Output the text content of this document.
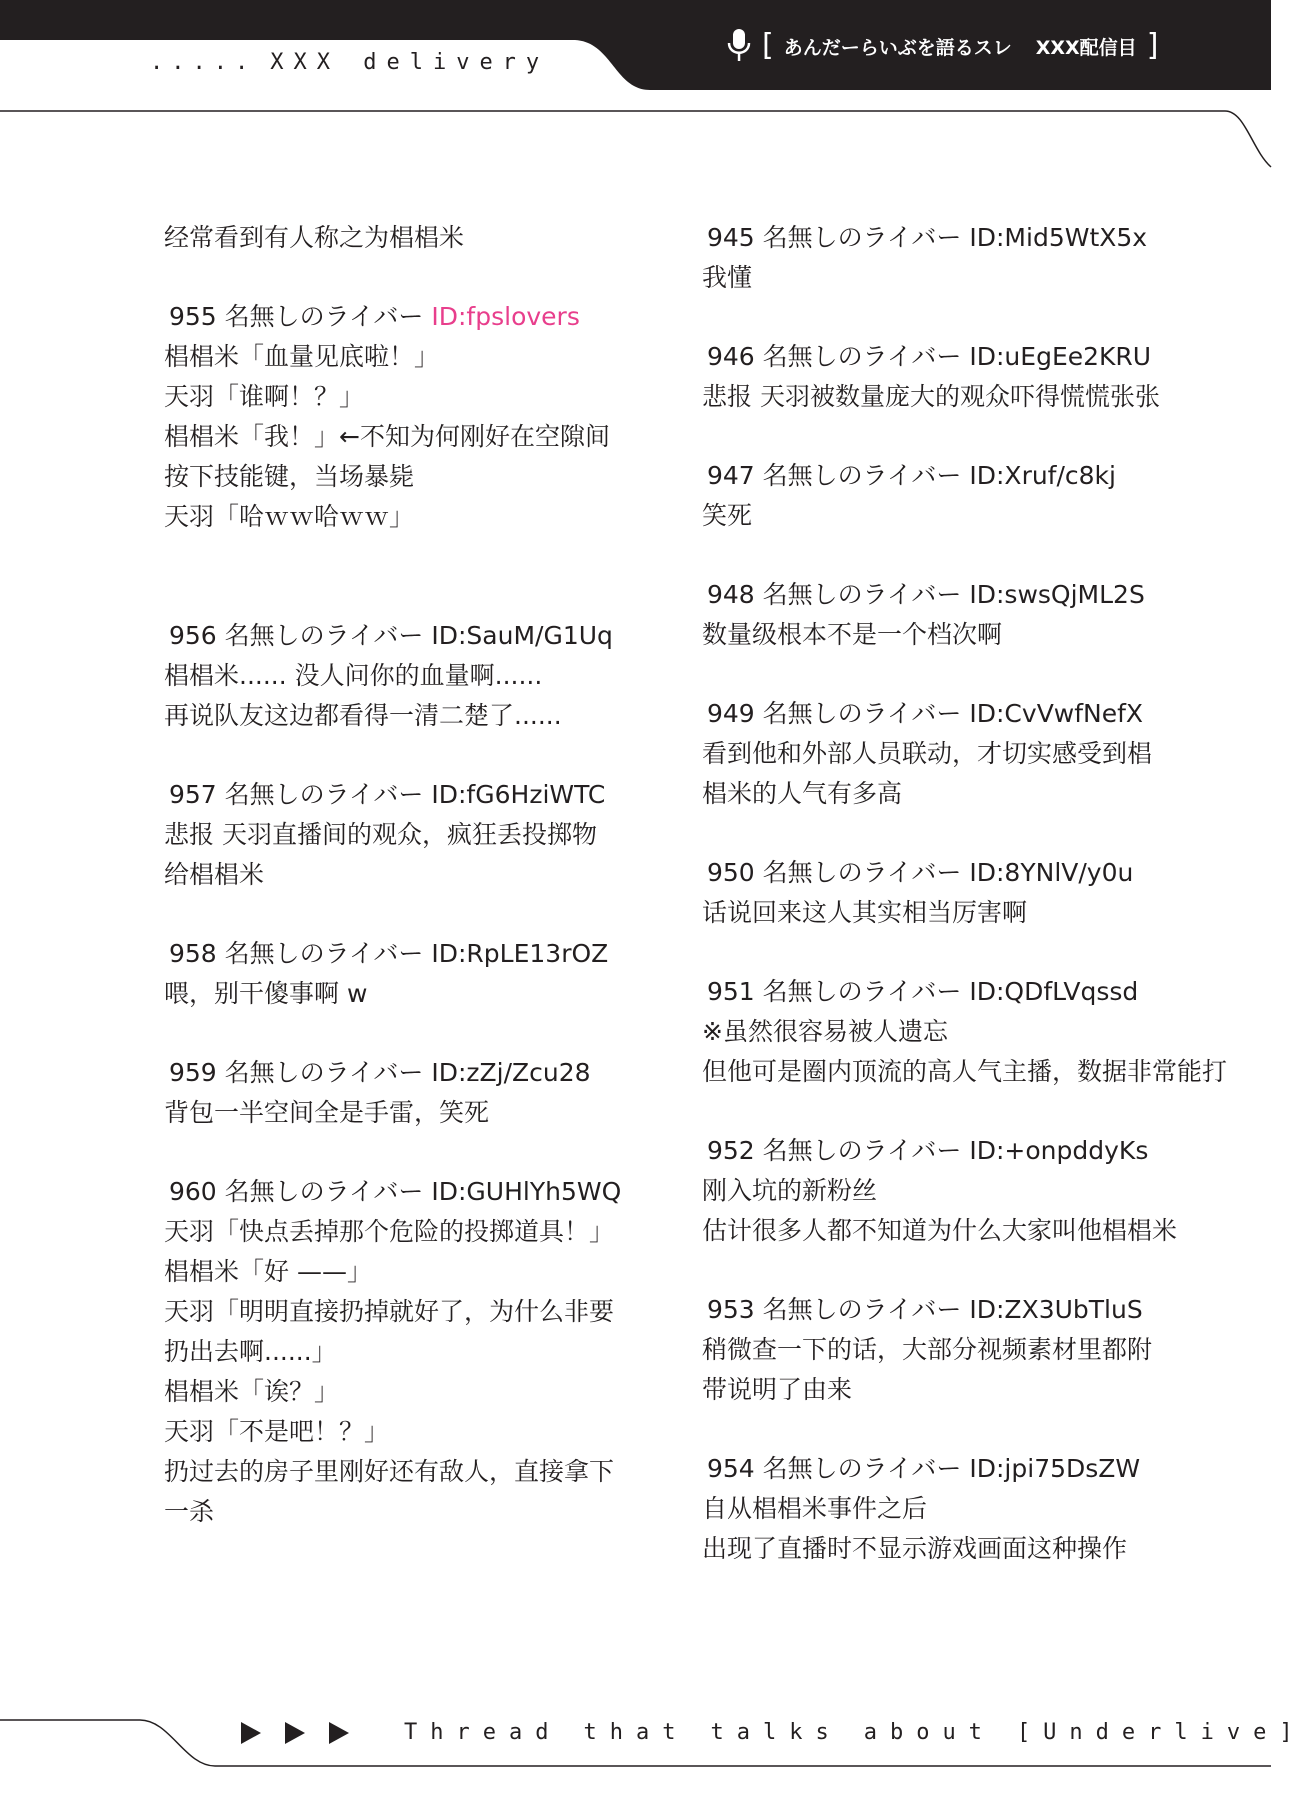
..... XXX delivery	[ あんだーらいぶを語るスレ XXX配信目 ]
经常看到有人称之为椙椙米
955 名無しのライバー ID:fpslovers
椙椙米「血量见底啦！」
天羽「谁啊！？」
椙椙米「我！」←不知为何刚好在空隙间
按下技能键，当场暴毙
天羽「哈ｗｗ哈ｗｗ」
956 名無しのライバー ID:SauM/G1Uq
椙椙米...... 没人问你的血量啊......
再说队友这边都看得一清二楚了......
957 名無しのライバー ID:fG6HziWTC
悲报 天羽直播间的观众，疯狂丢投掷物
给椙椙米
958 名無しのライバー ID:RpLE13rOZ
喂，别干傻事啊 w
959 名無しのライバー ID:zZj/Zcu28
背包一半空间全是手雷，笑死
960 名無しのライバー ID:GUHlYh5WQ
天羽「快点丢掉那个危险的投掷道具！」
椙椙米「好 ——」
天羽「明明直接扔掉就好了，为什么非要
扔出去啊......」
椙椙米「诶？」
天羽「不是吧！？」
扔过去的房子里刚好还有敌人，直接拿下
一杀
945 名無しのライバー ID:Mid5WtX5x
我懂
946 名無しのライバー ID:uEgEe2KRU
悲报 天羽被数量庞大的观众吓得慌慌张张
947 名無しのライバー ID:Xruf/c8kj
笑死
948 名無しのライバー ID:swsQjML2S
数量级根本不是一个档次啊
949 名無しのライバー ID:CvVwfNefX
看到他和外部人员联动，才切实感受到椙
椙米的人气有多高
950 名無しのライバー ID:8YNlV/y0u
话说回来这人其实相当厉害啊
951 名無しのライバー ID:QDfLVqssd
※虽然很容易被人遗忘
但他可是圈内顶流的高人气主播，数据非常能打
952 名無しのライバー ID:+onpddyKs
刚入坑的新粉丝
估计很多人都不知道为什么大家叫他椙椙米
953 名無しのライバー ID:ZX3UbTluS
稍微查一下的话，大部分视频素材里都附
带说明了由来
954 名無しのライバー ID:jpi75DsZW
自从椙椙米事件之后
出现了直播时不显示游戏画面这种操作
Thread that talks about [Underlive]
